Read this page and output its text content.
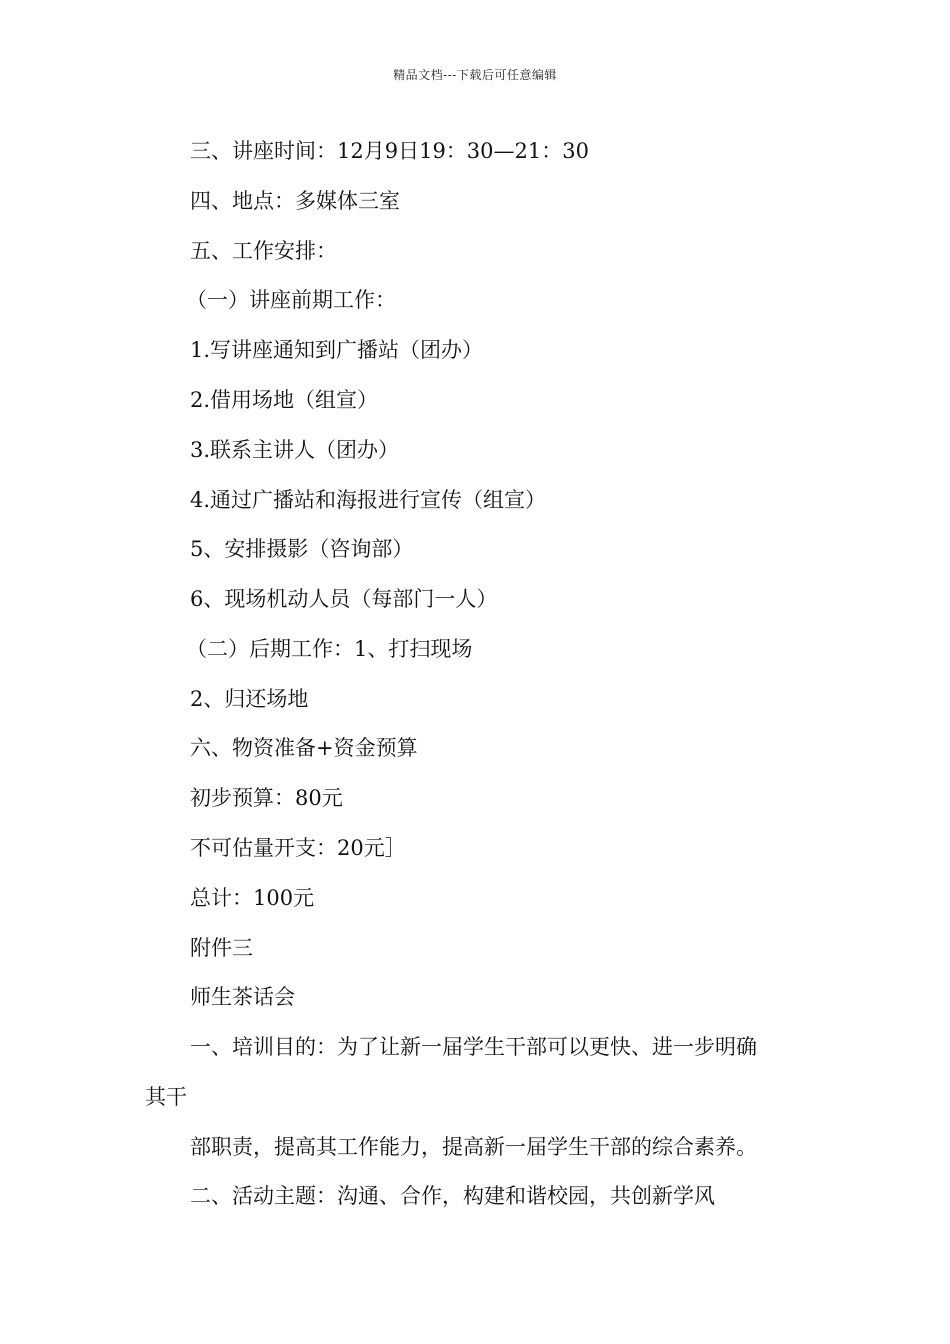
精品文档---下载后可任意编辑
三、讲座时间：12月9日19：30—21：30
四、地点：多媒体三室
五、工作安排：
（一）讲座前期工作：
1.写讲座通知到广播站（团办）
2.借用场地（组宣）
3.联系主讲人（团办）
4.通过广播站和海报进行宣传（组宣）
5、安排摄影（咨询部）
6、现场机动人员（每部门一人）
（二）后期工作：1、打扫现场
2、归还场地
六、物资准备+资金预算
初步预算：80元
不可估量开支：20元］
总计：100元
附件三
师生茶话会
一、培训目的：为了让新一届学生干部可以更快、进一步明确
其干
部职责，提高其工作能力，提高新一届学生干部的综合素养。
二、活动主题：沟通、合作，构建和谐校园，共创新学风
